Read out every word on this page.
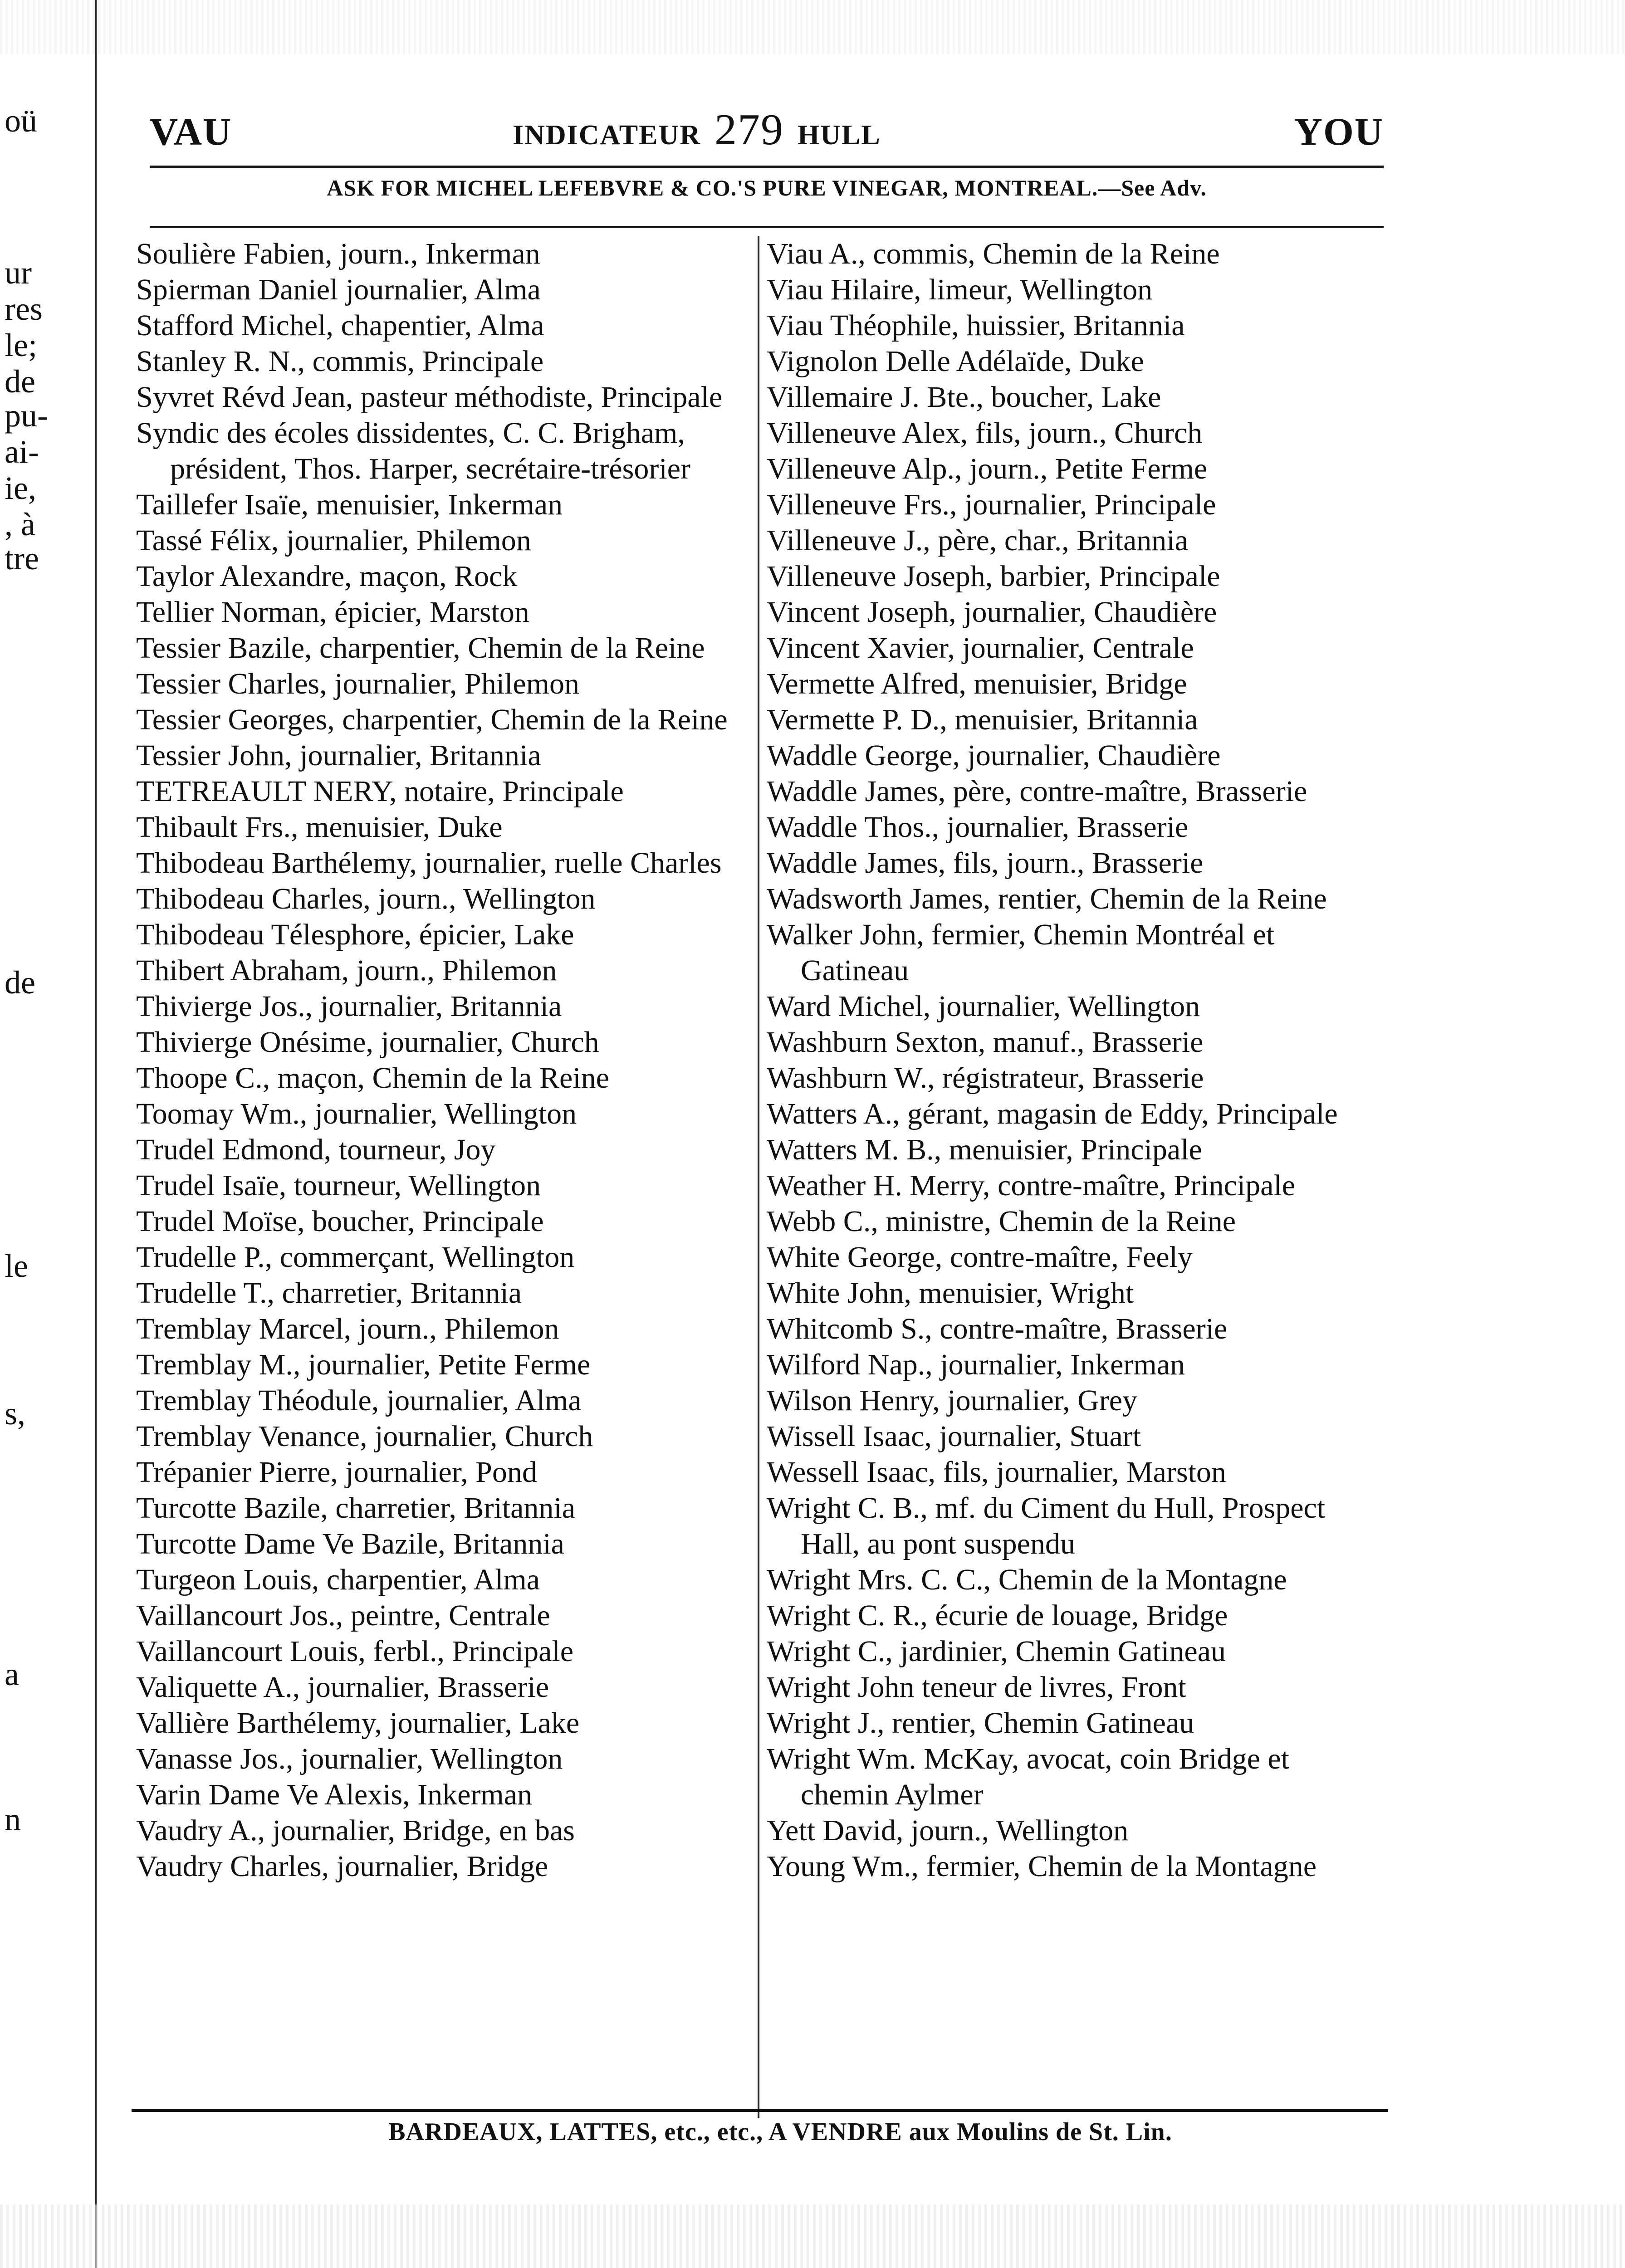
oü
ur
res
le;
de
pu-
ai-
ie,
, à
tre
de
le
s,
a
n
VAU	INDICATEUR 279 HULL	YOU
ASK FOR MICHEL LEFEBVRE & CO.'S PURE VINEGAR, MONTREAL.—See Adv.
Soulière Fabien, journ., Inkerman
Spierman Daniel journalier, Alma
Stafford Michel, chapentier, Alma
Stanley R. N., commis, Principale
Syvret Révd Jean, pasteur méthodiste, Principale
Syndic des écoles dissidentes, C. C. Brigham, président, Thos. Harper, secrétaire-trésorier
Taillefer Isaïe, menuisier, Inkerman
Tassé Félix, journalier, Philemon
Taylor Alexandre, maçon, Rock
Tellier Norman, épicier, Marston
Tessier Bazile, charpentier, Chemin de la Reine
Tessier Charles, journalier, Philemon
Tessier Georges, charpentier, Chemin de la Reine
Tessier John, journalier, Britannia
TETREAULT NERY, notaire, Principale
Thibault Frs., menuisier, Duke
Thibodeau Barthélemy, journalier, ruelle Charles
Thibodeau Charles, journ., Wellington
Thibodeau Télesphore, épicier, Lake
Thibert Abraham, journ., Philemon
Thivierge Jos., journalier, Britannia
Thivierge Onésime, journalier, Church
Thoope C., maçon, Chemin de la Reine
Toomay Wm., journalier, Wellington
Trudel Edmond, tourneur, Joy
Trudel Isaïe, tourneur, Wellington
Trudel Moïse, boucher, Principale
Trudelle P., commerçant, Wellington
Trudelle T., charretier, Britannia
Tremblay Marcel, journ., Philemon
Tremblay M., journalier, Petite Ferme
Tremblay Théodule, journalier, Alma
Tremblay Venance, journalier, Church
Trépanier Pierre, journalier, Pond
Turcotte Bazile, charretier, Britannia
Turcotte Dame Ve Bazile, Britannia
Turgeon Louis, charpentier, Alma
Vaillancourt Jos., peintre, Centrale
Vaillancourt Louis, ferbl., Principale
Valiquette A., journalier, Brasserie
Vallière Barthélemy, journalier, Lake
Vanasse Jos., journalier, Wellington
Varin Dame Ve Alexis, Inkerman
Vaudry A., journalier, Bridge, en bas
Vaudry Charles, journalier, Bridge
Viau A., commis, Chemin de la Reine
Viau Hilaire, limeur, Wellington
Viau Théophile, huissier, Britannia
Vignolon Delle Adélaïde, Duke
Villemaire J. Bte., boucher, Lake
Villeneuve Alex, fils, journ., Church
Villeneuve Alp., journ., Petite Ferme
Villeneuve Frs., journalier, Principale
Villeneuve J., père, char., Britannia
Villeneuve Joseph, barbier, Principale
Vincent Joseph, journalier, Chaudière
Vincent Xavier, journalier, Centrale
Vermette Alfred, menuisier, Bridge
Vermette P. D., menuisier, Britannia
Waddle George, journalier, Chaudière
Waddle James, père, contre-maître, Brasserie
Waddle Thos., journalier, Brasserie
Waddle James, fils, journ., Brasserie
Wadsworth James, rentier, Chemin de la Reine
Walker John, fermier, Chemin Montréal et Gatineau
Ward Michel, journalier, Wellington
Washburn Sexton, manuf., Brasserie
Washburn W., régistrateur, Brasserie
Watters A., gérant, magasin de Eddy, Principale
Watters M. B., menuisier, Principale
Weather H. Merry, contre-maître, Principale
Webb C., ministre, Chemin de la Reine
White George, contre-maître, Feely
White John, menuisier, Wright
Whitcomb S., contre-maître, Brasserie
Wilford Nap., journalier, Inkerman
Wilson Henry, journalier, Grey
Wissell Isaac, journalier, Stuart
Wessell Isaac, fils, journalier, Marston
Wright C. B., mf. du Ciment du Hull, Prospect Hall, au pont suspendu
Wright Mrs. C. C., Chemin de la Montagne
Wright C. R., écurie de louage, Bridge
Wright C., jardinier, Chemin Gatineau
Wright John teneur de livres, Front
Wright J., rentier, Chemin Gatineau
Wright Wm. McKay, avocat, coin Bridge et chemin Aylmer
Yett David, journ., Wellington
Young Wm., fermier, Chemin de la Montagne
BARDEAUX, LATTES, etc., etc., A VENDRE aux Moulins de St. Lin.
